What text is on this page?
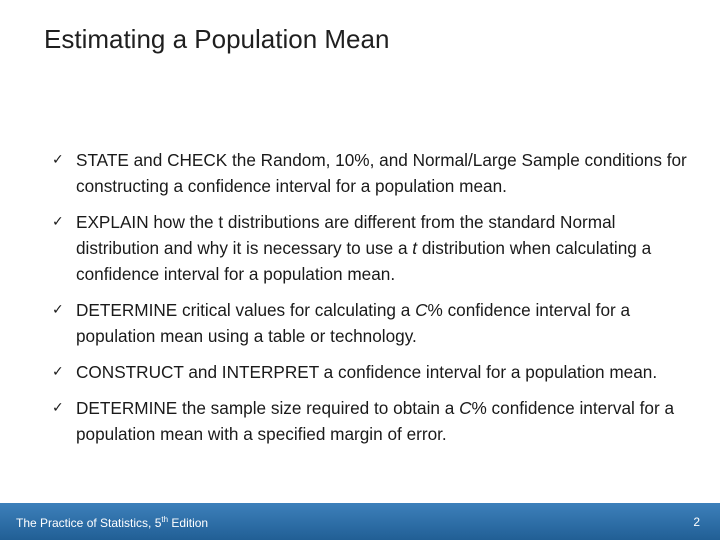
Estimating a Population Mean
✓ STATE and CHECK the Random, 10%, and Normal/Large Sample conditions for constructing a confidence interval for a population mean.
✓ EXPLAIN how the t distributions are different from the standard Normal distribution and why it is necessary to use a t distribution when calculating a confidence interval for a population mean.
✓ DETERMINE critical values for calculating a C% confidence interval for a population mean using a table or technology.
✓ CONSTRUCT and INTERPRET a confidence interval for a population mean.
✓ DETERMINE the sample size required to obtain a C% confidence interval for a population mean with a specified margin of error.
The Practice of Statistics, 5th Edition	2
